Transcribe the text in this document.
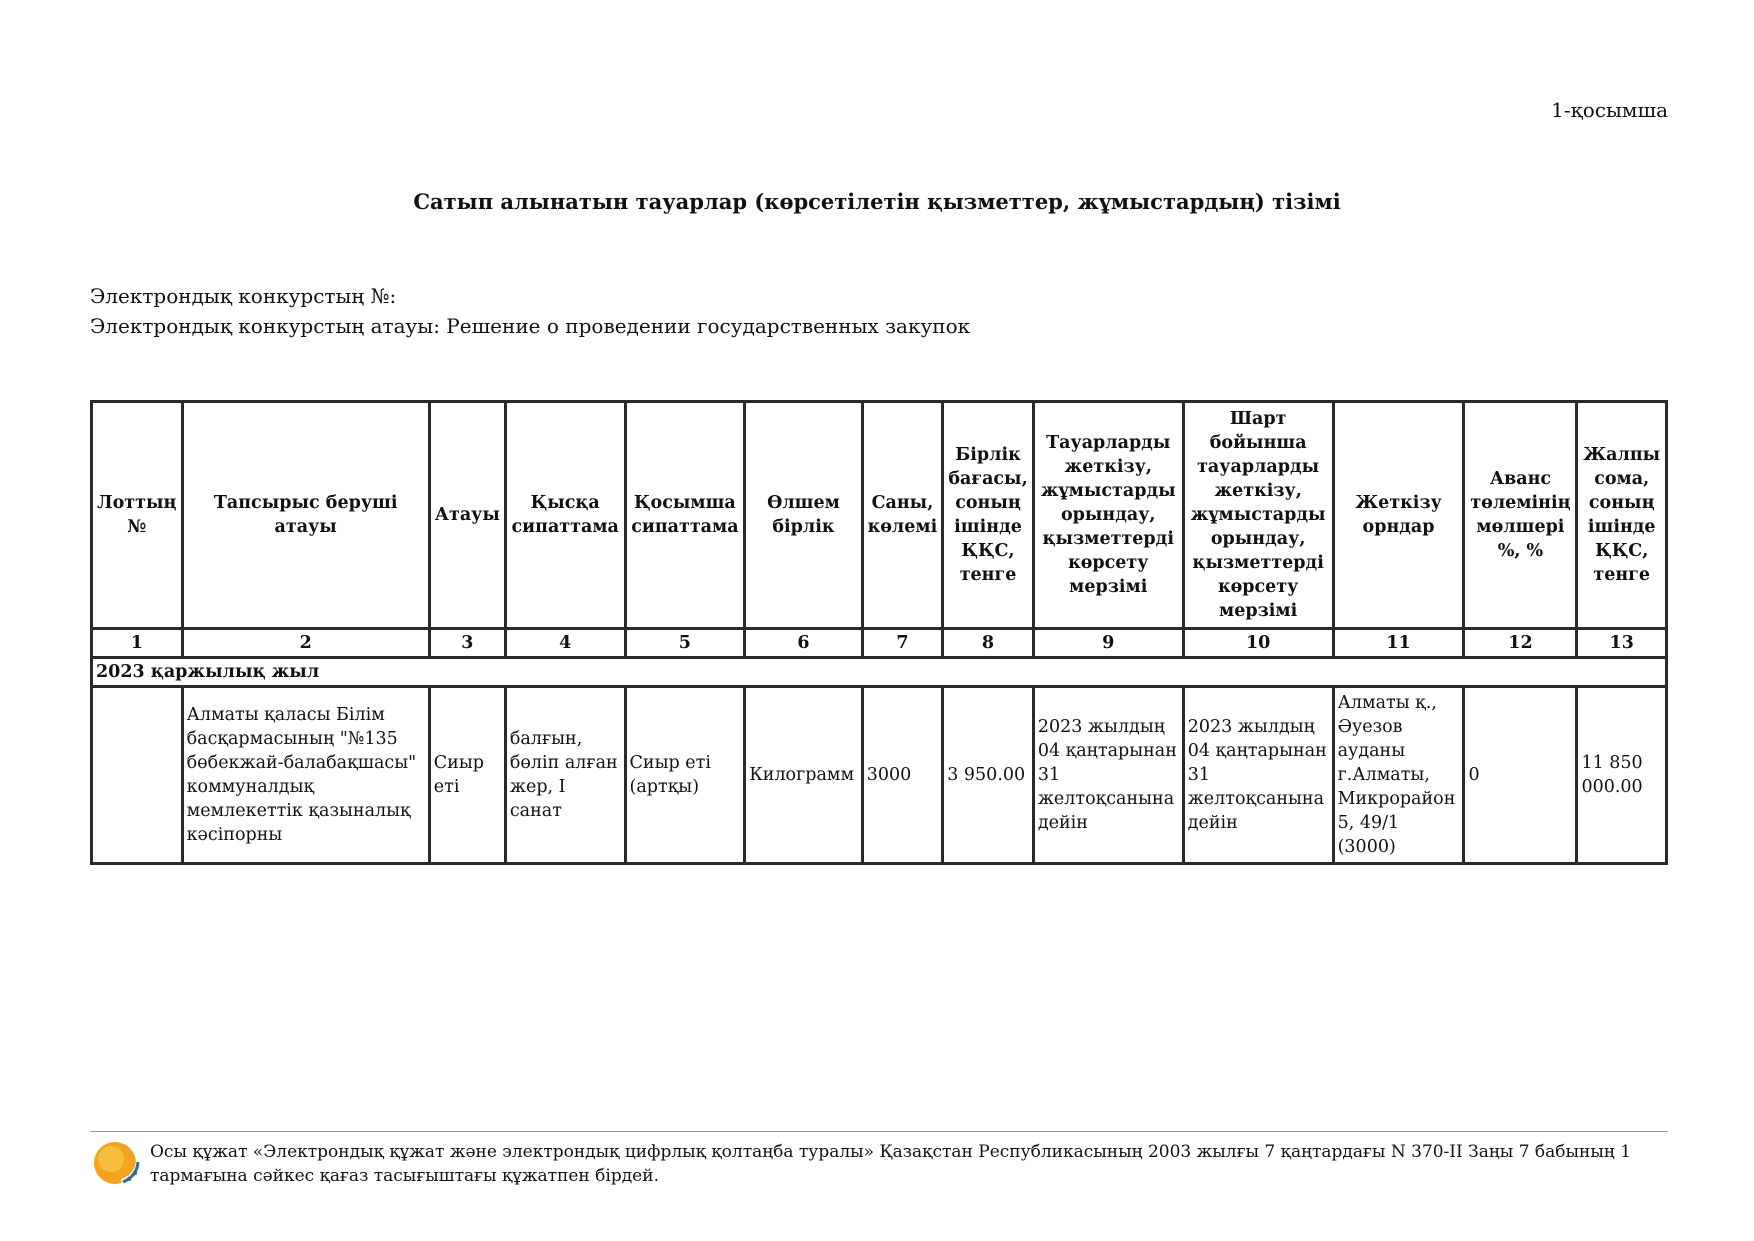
1-қосымша
Сатып алынатын тауарлар (көрсетілетін қызметтер, жұмыстардың) тізімі
Электрондық конкурстың №:
Электрондық конкурстың атауы: Решение о проведении государственных закупок
Лоттың №	Тапсырыс беруші атауы	Атауы	Қысқа сипаттама	Қосымша сипаттама	Өлшем бірлік	Саны, көлемі	Бірлік бағасы, соның ішінде ҚҚС, тенге	Тауарларды жеткізу, жұмыстарды орындау, қызметтерді көрсету мерзімі	Шарт бойынша тауарларды жеткізу, жұмыстарды орындау, қызметтерді көрсету мерзімі	Жеткізу орндар	Аванс төлемінің мөлшері %, %	Жалпы сома, соның ішінде ҚҚС, тенге
1	2	3	4	5	6	7	8	9	10	11	12	13
2023 қаржылық жыл												
	Алматы қаласы Білім басқармасының "№135 бөбекжай-балабақшасы" коммуналдық мемлекеттік қазыналық кәсіпорны	Сиыр еті	балғын, бөліп алған жер, I санат	Сиыр еті (артқы)	Килограмм	3000	3 950.00	2023 жылдың 04 қаңтарынан 31 желтоқсанына дейін	2023 жылдың 04 қаңтарынан 31 желтоқсанына дейін	Алматы қ., Әуезов ауданы г.Алматы, Микрорайон 5, 49/1 (3000)	0	11 850 000.00
Осы құжат «Электрондық құжат және электрондық цифрлық қолтаңба туралы» Қазақстан Республикасының 2003 жылғы 7 қаңтардағы N 370-II Заңы 7 бабының 1 тармағына сәйкес қағаз тасығыштағы құжатпен бірдей.
